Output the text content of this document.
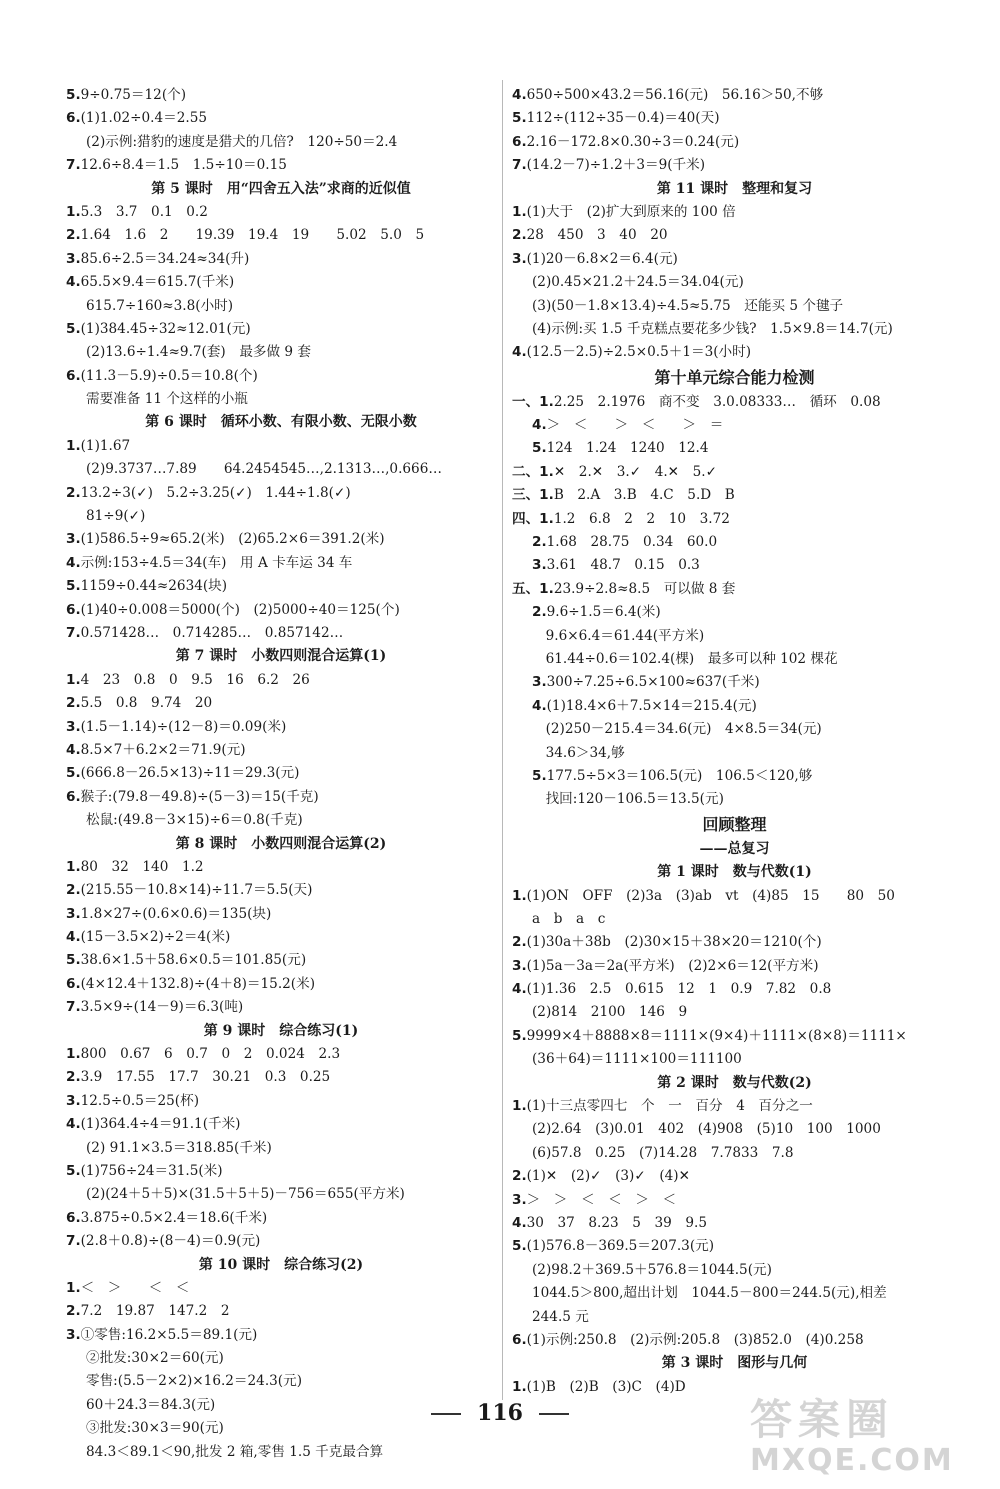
5.9÷0.75＝12(个)
6.(1)1.02÷0.4＝2.55
(2)示例:猎豹的速度是猎犬的几倍?　120÷50＝2.4
7.12.6÷8.4＝1.5　1.5÷10＝0.15
第 5 课时　用“四舍五入法”求商的近似值
1.5.3　3.7　0.1　0.2
2.1.64　1.6　2　　19.39　19.4　19　　5.02　5.0　5
3.85.6÷2.5＝34.24≈34(升)
4.65.5×9.4＝615.7(千米)
615.7÷160≈3.8(小时)
5.(1)384.45÷32≈12.01(元)
(2)13.6÷1.4≈9.7(套)　最多做 9 套
6.(11.3－5.9)÷0.5＝10.8(个)
需要准备 11 个这样的小瓶
第 6 课时　循环小数、有限小数、无限小数
1.(1)1.67
(2)9.3737…7.89　　64.2454545…,2.1313…,0.666…
2.13.2÷3(✓)　5.2÷3.25(✓)　1.44÷1.8(✓)
81÷9(✓)
3.(1)586.5÷9≈65.2(米)　(2)65.2×6＝391.2(米)
4.示例:153÷4.5＝34(车)　用 A 卡车运 34 车
5.1159÷0.44≈2634(块)
6.(1)40÷0.008＝5000(个)　(2)5000÷40＝125(个)
7.0.571428…　0.714285…　0.857142…
第 7 课时　小数四则混合运算(1)
1.4　23　0.8　0　9.5　16　6.2　26
2.5.5　0.8　9.74　20
3.(1.5－1.14)÷(12－8)＝0.09(米)
4.8.5×7＋6.2×2＝71.9(元)
5.(666.8－26.5×13)÷11＝29.3(元)
6.猴子:(79.8－49.8)÷(5－3)＝15(千克)
松鼠:(49.8－3×15)÷6＝0.8(千克)
第 8 课时　小数四则混合运算(2)
1.80　32　140　1.2
2.(215.55－10.8×14)÷11.7＝5.5(天)
3.1.8×27÷(0.6×0.6)＝135(块)
4.(15－3.5×2)÷2＝4(米)
5.38.6×1.5＋58.6×0.5＝101.85(元)
6.(4×12.4＋132.8)÷(4＋8)＝15.2(米)
7.3.5×9÷(14－9)＝6.3(吨)
第 9 课时　综合练习(1)
1.800　0.67　6　0.7　0　2　0.024　2.3
2.3.9　17.55　17.7　30.21　0.3　0.25
3.12.5÷0.5＝25(杯)
4.(1)364.4÷4＝91.1(千米)
(2) 91.1×3.5＝318.85(千米)
5.(1)756÷24＝31.5(米)
(2)(24＋5＋5)×(31.5＋5＋5)－756＝655(平方米)
6.3.875÷0.5×2.4＝18.6(千米)
7.(2.8＋0.8)÷(8－4)＝0.9(元)
第 10 课时　综合练习(2)
1.＜　＞　　＜　＜
2.7.2　19.87　147.2　2
3.①零售:16.2×5.5＝89.1(元)
②批发:30×2＝60(元)
零售:(5.5－2×2)×16.2＝24.3(元)
60＋24.3＝84.3(元)
③批发:30×3＝90(元)
84.3＜89.1＜90,批发 2 箱,零售 1.5 千克最合算
4.650÷500×43.2＝56.16(元)　56.16＞50,不够
5.112÷(112÷35－0.4)＝40(天)
6.2.16－172.8×0.30÷3＝0.24(元)
7.(14.2－7)÷1.2＋3＝9(千米)
第 11 课时　整理和复习
1.(1)大于　(2)扩大到原来的 100 倍
2.28　450　3　40　20
3.(1)20－6.8×2＝6.4(元)
(2)0.45×21.2＋24.5＝34.04(元)
(3)(50－1.8×13.4)÷4.5≈5.75　还能买 5 个毽子
(4)示例:买 1.5 千克糕点要花多少钱?　1.5×9.8＝14.7(元)
4.(12.5－2.5)÷2.5×0.5＋1＝3(小时)
第十单元综合能力检测
一、1.2.25　2.1976　商不变　3.0.08333…　循环　0.08
4.＞　＜　　＞　＜　　＞　＝
5.124　1.24　1240　12.4
二、1.✕　2.✕　3.✓　4.✕　5.✓
三、1.B　2.A　3.B　4.C　5.D　B
四、1.1.2　6.8　2　2　10　3.72
2.1.68　28.75　0.34　60.0
3.3.61　48.7　0.15　0.3
五、1.23.9÷2.8≈8.5　可以做 8 套
2.9.6÷1.5＝6.4(米)
　9.6×6.4＝61.44(平方米)
　61.44÷0.6＝102.4(棵)　最多可以种 102 棵花
3.300÷7.25÷6.5×100≈637(千米)
4.(1)18.4×6＋7.5×14＝215.4(元)
　(2)250－215.4＝34.6(元)　4×8.5＝34(元)
　34.6＞34,够
5.177.5÷5×3＝106.5(元)　106.5＜120,够
　找回:120－106.5＝13.5(元)
回顾整理
——总复习
第 1 课时　数与代数(1)
1.(1)ON　OFF　(2)3a　(3)ab　vt　(4)85　15　　80　50
a　b　a　c
2.(1)30a＋38b　(2)30×15＋38×20＝1210(个)
3.(1)5a－3a＝2a(平方米)　(2)2×6＝12(平方米)
4.(1)1.36　2.5　0.615　12　1　0.9　7.82　0.8
(2)814　2100　146　9
5.9999×4＋8888×8＝1111×(9×4)＋1111×(8×8)＝1111×
(36＋64)＝1111×100＝111100
第 2 课时　数与代数(2)
1.(1)十三点零四七　个　一　百分　4　百分之一
(2)2.64　(3)0.01　402　(4)908　(5)10　100　1000
(6)57.8　0.25　(7)14.28　7.7833　7.8
2.(1)✕　(2)✓　(3)✓　(4)✕
3.＞　＞　＜　＜　＞　＜
4.30　37　8.23　5　39　9.5
5.(1)576.8－369.5＝207.3(元)
(2)98.2＋369.5＋576.8＝1044.5(元)
1044.5＞800,超出计划　1044.5－800＝244.5(元),相差
244.5 元
6.(1)示例:250.8　(2)示例:205.8　(3)852.0　(4)0.258
第 3 课时　图形与几何
1.(1)B　(2)B　(3)C　(4)D
116	答案圈
MXQE.COM
